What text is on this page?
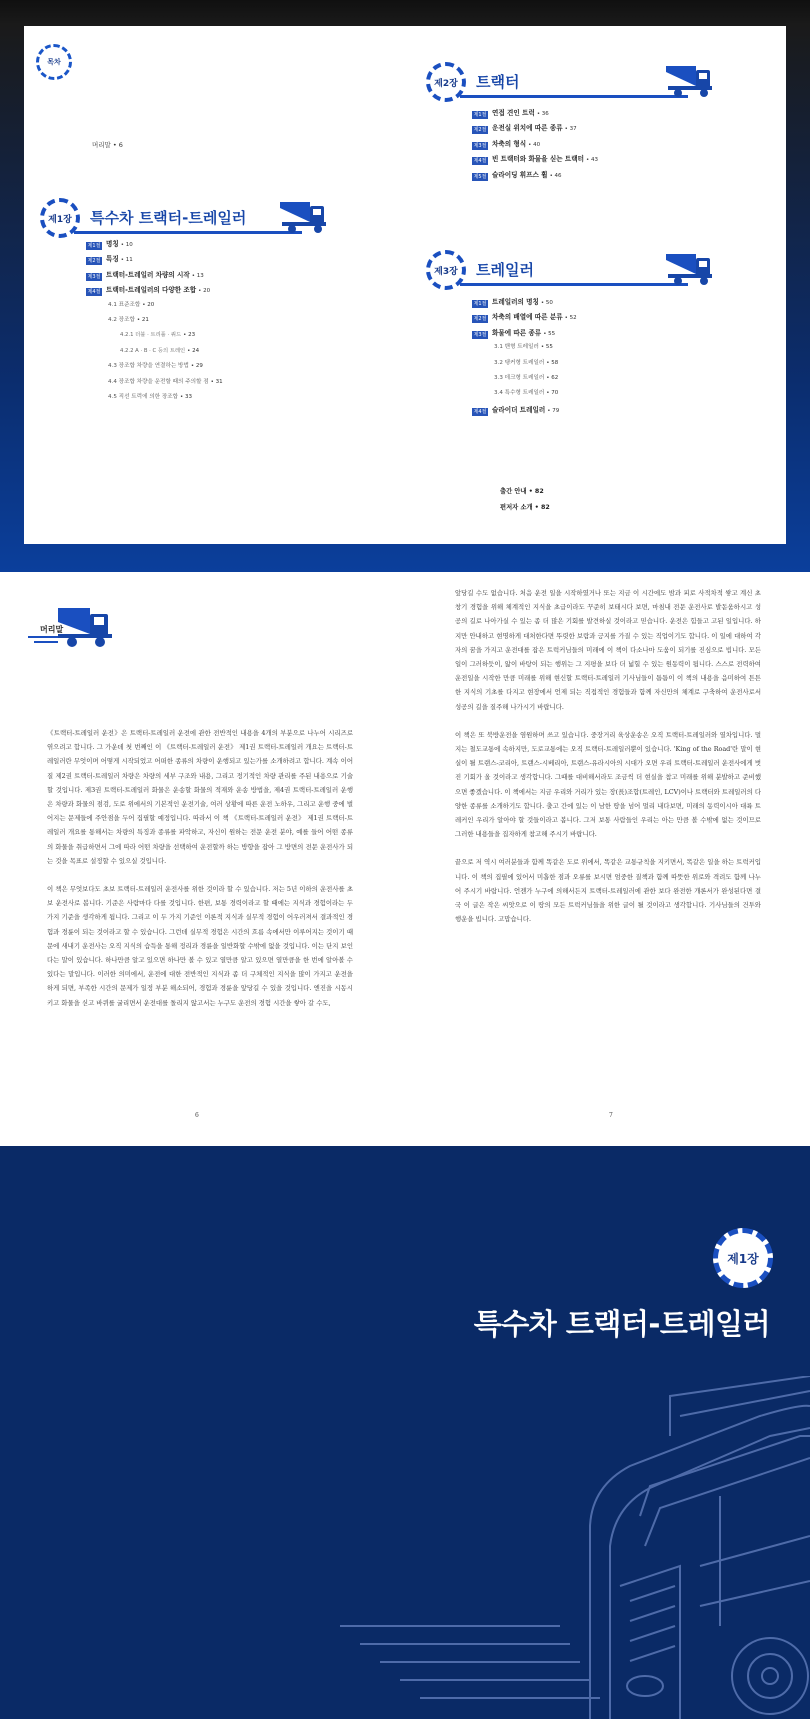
목차
머리말 • 6
제1장 특수차 트랙터-트레일러
제1절 명칭 • 10
제2절 특징 • 11
제3절 트랙터-트레일러 차량의 시작 • 13
제4절 트랙터-트레일러의 다양한 조합 • 20
4.1 표준조합 • 20
4.2 장조합 • 21
4.2.1 더블 · 트리플 · 쿼드 • 23
4.2.2 A · B · C 등의 트레인 • 24
4.3 장조합 차량을 연결하는 방법 • 29
4.4 장조합 차량을 운전할 때의 주의할 점 • 31
4.5 직선 트럭에 의한 장조합 • 33
제2장 트랙터
제1절 연접 견인 트럭 • 36
제2절 운전실 위치에 따른 종류 • 37
제3절 차축의 형식 • 40
제4절 빈 트랙터와 화물을 싣는 트랙터 • 43
제5절 슬라이딩 휘프스 휠 • 46
제3장 트레일러
제1절 트레일러의 명칭 • 50
제2절 차축의 배열에 따른 분류 • 52
제3절 화물에 따른 종류 • 55
3.1 밴형 트레일러 • 55
3.2 탱커형 트레일러 • 58
3.3 데크형 트레일러 • 62
3.4 특수형 트레일러 • 70
제4절 슬라이더 트레일러 • 79
출간 안내 • 82
편저자 소개 • 82
머리말

《트랙터-트레일러 운전》은 트랙터-트레일러 운전에 관한 전반적인 내용을 4개의 부분으로 나누어 시리즈로 엮으려고 합니다. 그 가운데 첫 번째인 이 《트랙터-트레일러 운전》 제1권 트랙터-트레일러 개요는 트랙터-트레일러란 무엇이며 어떻게 시작되었고 어떠한 종류의 차량이 운행되고 있는가를 소개하려고 합니다. 계속 이어질 제2권 트랙터-트레일러 차량은 차량의 세부 구조와 내용, 그리고 정기적인 차량 관리를 주된 내용으로 기술할 것입니다. 제3권 트랙터-트레일러 화물은 운송할 화물의 적재와 운송 방법을, 제4권 트랙터-트레일러 운행은 차량과 화물의 점검, 도로 위에서의 기본적인 운전기술, 여러 상황에 따른 운전 노하우, 그리고 운행 중에 벌어지는 문제들에 주안점을 두어 집필할 예정입니다. 따라서 이 책 《트랙터-트레일러 운전》 제1권 트랙터-트레일러 개요를 통해서는 차량의 특징과 종류를 파악하고, 자신이 원하는 전문 운전 분야, 예를 들어 어떤 종류의 화물을 취급하면서 그에 따라 어떤 차량을 선택하여 운전할까 하는 방향을 잡아 그 방면의 전문 운전사가 되는 것을 목표로 설정할 수 있으실 것입니다.

이 책은 무엇보다도 초보 트랙터-트레일러 운전사를 위한 것이라 할 수 있습니다. 저는 5년 이하의 운전사를 초보 운전사로 봅니다. 기준은 사람마다 다를 것입니다. 한편, 보통 경력이라고 할 때에는 지식과 경험이라는 두 가지 기준을 생각하게 됩니다. 그리고 이 두 가지 기준인 이론적 지식과 실무적 경험이 어우러져서 결과적인 경험과 경륜이 되는 것이라고 할 수 있습니다. 그런데 실무적 경험은 시간의 흐름 속에서만 이루어지는 것이기 때문에 새내기 운전사는 오직 지식의 습득을 통해 정리과 경륜을 일반화할 수밖에 없을 것입니다. 이는 단지 보인다는 말이 있습니다. 하나만큼 알고 있으면 하나만 볼 수 있고 열만큼 알고 있으면 열만큼을 한 번에 알아볼 수 있다는 말입니다. 이러한 의미에서, 운전에 대한 전반적인 지식과 좀 더 구체적인 지식을 많이 가지고 운전을 하게 되면, 부족한 시간의 문제가 일정 부분 해소되어, 경험과 경륜을 앞당길 수 있을 것입니다. 엔진을 시동시키고 화물을 싣고 바퀴를 굴리면서 운전대를 돌리지 않고서는 누구도 운전의 경험 시간을 쌓아 갈 수도,

앞당길 수도 없습니다. 처음 운전 일을 시작하였거나 또는 지금 이 시간에도 밤과 피로 사적차적 쌓고 계신 초창기 경험을 위해 체계적인 지식을 초급이라도 꾸준히 보태시다 보면, 마침내 전문 운전사로 발돋움하시고 성공의 길로 나아가실 수 있는 좀 더 많은 기회를 발견하실 것이라고 믿습니다. 운전은 힘들고 고된 일입니다. 하지만 안내하고 현명하게 대처한다면 뚜렷한 보람과 긍지를 가질 수 있는 직업이기도 합니다. 이 일에 대하여 각자의 꿈을 가지고 운전대를 잡은 트럭커님들의 미래에 이 책이 다소나마 도움이 되기를 진심으로 빕니다. 모든 일이 그러하듯이, 앎이 바탕이 되는 행위는 그 지평을 보다 더 넓힐 수 있는 원동력이 됩니다. 스스로 전력하여 운전일을 시작한 만큼 미래를 위해 현신할 트랙터-트레일러 기사님들이 틈틈이 이 책의 내용을 음미하여 튼튼한 지식의 기초를 다지고 현장에서 언제 되는 직접적인 경험들과 함께 자신만의 체계로 구축하여 운전사로서 성공의 길을 질주해 나가시기 바랍니다.

이 책은 또 북방운전을 염원하며 쓰고 있습니다. 중장거리 육상운송은 오직 트랙터-트레일러와 열차입니다. 멀지는 철도교통에 속하지만, 도로교통에는 오직 트랙터-트레일러뿐이 있습니다. 'King of the Road'란 말이 현실이 될 트랜스-코리아, 트랜스-시베리아, 트랜스-유라시아의 시대가 오면 우리 트랙터-트레일러 운전사에게 벗진 기회가 올 것이라고 생각합니다. 그때를 대비해서라도 조금씩 더 현실을 참고 미래를 위해 분발하고 준비했으면 좋겠습니다. 이 책에서는 지금 우리와 거리가 있는 장(長)조합(트레인, LCV)이나 트랙터와 트레일러의 다양한 종류를 소개하기도 합니다. 출고 간에 있는 이 남한 땅을 넘어 멀리 내다보면, 미래의 동력이시아 대륙 트레커인 우리가 알아야 할 것들이라고 봅니다. 그저 보통 사람들인 우리는 아는 만큼 볼 수밖에 없는 것이므로 그러한 내용들을 집자하게 참고해 주시기 바랍니다.

끝으로 저 역시 여러분들과 함께 똑같은 도로 위에서, 똑같은 교통규칙을 지키면서, 똑같은 일을 하는 트럭커입니다. 이 책의 집필에 있어서 미흡한 점과 오류를 보시면 엄중한 질책과 함께 따뜻한 위로와 격려도 함께 나누어 주시기 바랍니다. 언젠가 누구에 의해서든지 트랙터-트레일러에 관한 보다 완전한 개론서가 완성된다면 결국 이 글은 작은 씨앗으로 이 땅의 모든 트럭커님들을 위한 글이 될 것이라고 생각합니다. 기사님들의 건투와 행운을 빕니다. 고맙습니다.

6	7
제1장
특수차 트랙터-트레일러
